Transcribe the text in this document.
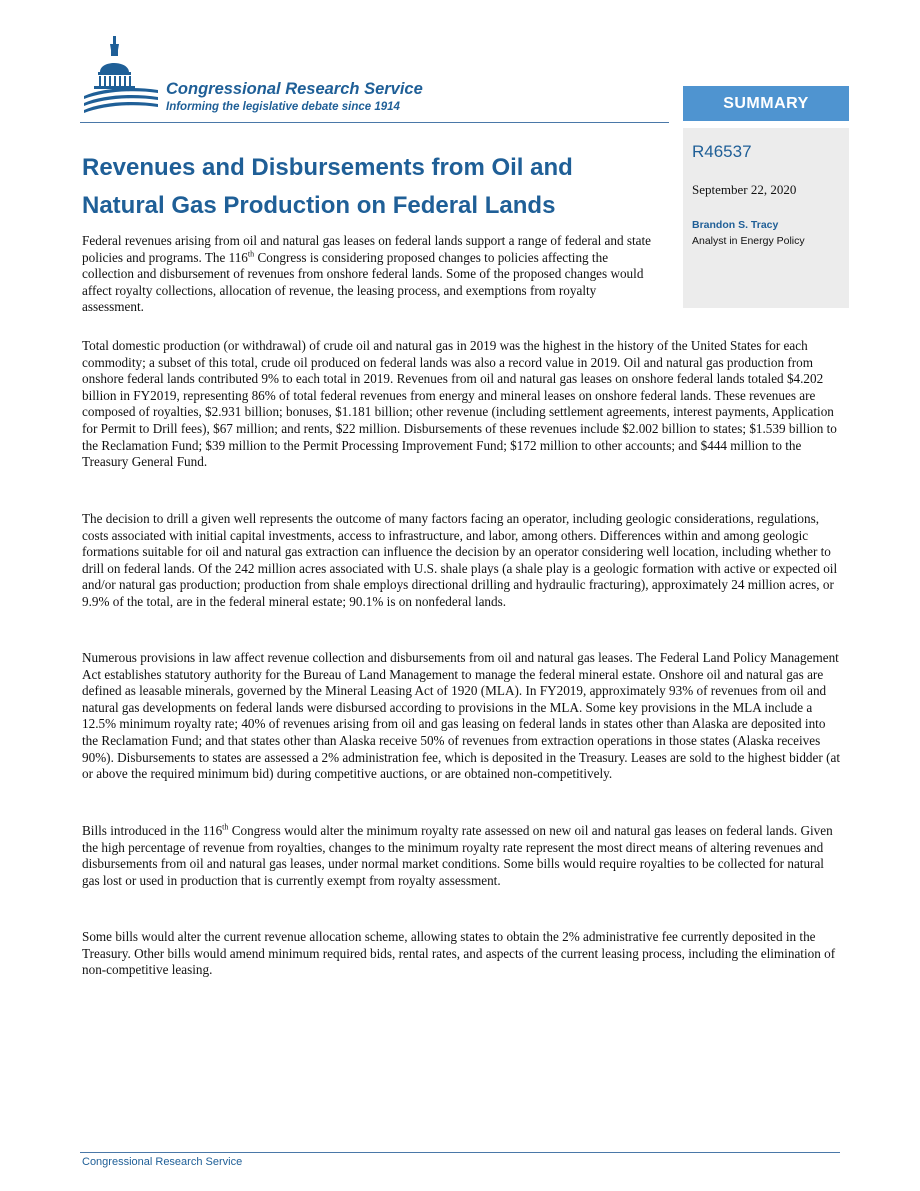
Congressional Research Service
Informing the legislative debate since 1914	SUMMARY
R46537
September 22, 2020
Brandon S. Tracy
Analyst in Energy Policy
Revenues and Disbursements from Oil and Natural Gas Production on Federal Lands

Federal revenues arising from oil and natural gas leases on federal lands support a range of federal and state policies and programs. The 116th Congress is considering proposed changes to policies affecting the collection and disbursement of revenues from onshore federal lands. Some of the proposed changes would affect royalty collections, allocation of revenue, the leasing process, and exemptions from royalty assessment.

Total domestic production (or withdrawal) of crude oil and natural gas in 2019 was the highest in the history of the United States for each commodity; a subset of this total, crude oil produced on federal lands was also a record value in 2019. Oil and natural gas production from onshore federal lands contributed 9% to each total in 2019. Revenues from oil and natural gas leases on onshore federal lands totaled $4.202 billion in FY2019, representing 86% of total federal revenues from energy and mineral leases on onshore federal lands. These revenues are composed of royalties, $2.931 billion; bonuses, $1.181 billion; other revenue (including settlement agreements, interest payments, Application for Permit to Drill fees), $67 million; and rents, $22 million. Disbursements of these revenues include $2.002 billion to states; $1.539 billion to the Reclamation Fund; $39 million to the Permit Processing Improvement Fund; $172 million to other accounts; and $444 million to the Treasury General Fund.

The decision to drill a given well represents the outcome of many factors facing an operator, including geologic considerations, regulations, costs associated with initial capital investments, access to infrastructure, and labor, among others. Differences within and among geologic formations suitable for oil and natural gas extraction can influence the decision by an operator considering well location, including whether to drill on federal lands. Of the 242 million acres associated with U.S. shale plays (a shale play is a geologic formation with active or expected oil and/or natural gas production; production from shale employs directional drilling and hydraulic fracturing), approximately 24 million acres, or 9.9% of the total, are in the federal mineral estate; 90.1% is on nonfederal lands.

Numerous provisions in law affect revenue collection and disbursements from oil and natural gas leases. The Federal Land Policy Management Act establishes statutory authority for the Bureau of Land Management to manage the federal mineral estate. Onshore oil and natural gas are defined as leasable minerals, governed by the Mineral Leasing Act of 1920 (MLA). In FY2019, approximately 93% of revenues from oil and natural gas developments on federal lands were disbursed according to provisions in the MLA. Some key provisions in the MLA include a 12.5% minimum royalty rate; 40% of revenues arising from oil and gas leasing on federal lands in states other than Alaska are deposited into the Reclamation Fund; and that states other than Alaska receive 50% of revenues from extraction operations in those states (Alaska receives 90%). Disbursements to states are assessed a 2% administration fee, which is deposited in the Treasury. Leases are sold to the highest bidder (at or above the required minimum bid) during competitive auctions, or are obtained non-competitively.

Bills introduced in the 116th Congress would alter the minimum royalty rate assessed on new oil and natural gas leases on federal lands. Given the high percentage of revenue from royalties, changes to the minimum royalty rate represent the most direct means of altering revenues and disbursements from oil and natural gas leases, under normal market conditions. Some bills would require royalties to be collected for natural gas lost or used in production that is currently exempt from royalty assessment.

Some bills would alter the current revenue allocation scheme, allowing states to obtain the 2% administrative fee currently deposited in the Treasury. Other bills would amend minimum required bids, rental rates, and aspects of the current leasing process, including the elimination of non-competitive leasing.

Congressional Research Service
